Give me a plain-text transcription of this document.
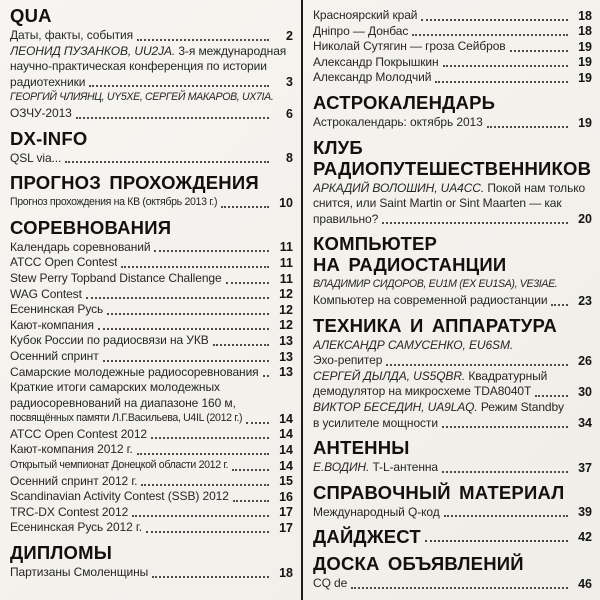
QUA
Даты, факты, события	2
ЛЕОНИД ПУЗАНКОВ, UU2JA. 3-я международная
научно-практическая конференция по истории
радиотехники	3
ГЕОРГИЙ ЧЛИЯНЦ, UY5XE, СЕРГЕЙ МАКАРОВ, UX7IA.
ОЗЧУ-2013	6
DX-INFO
QSL via...	8
ПРОГНОЗ ПРОХОЖДЕНИЯ
Прогноз прохождения на КВ (октябрь 2013 г.)	10
СОРЕВНОВАНИЯ
Календарь соревнований	11
ATCC Open Contest	11
Stew Perry Topband Distance Challenge	11
WAG Contest	12
Есенинская Русь	12
Кают-компания	12
Кубок России по радиосвязи на УКВ	13
Осенний спринт	13
Самарские молодежные радиосоревнования	13
Краткие итоги самарских молодежных
радиосоревнований на диапазоне 160 м,
посвящённых памяти Л.Г.Васильева, U4IL (2012 г.)	14
ATCC Open Contest 2012	14
Кают-компания 2012 г.	14
Открытый чемпионат Донецкой области 2012 г.	14
Осенний спринт 2012 г.	15
Scandinavian Activity Contest (SSB) 2012	16
TRC-DX Contest 2012	17
Есенинская Русь 2012 г.	17
ДИПЛОМЫ
Партизаны Смоленщины	18
Красноярский край	18
Дніпро — Донбас	18
Николай Сутягин — гроза Сейбров	19
Александр Покрышкин	19
Александр Молодчий	19
АСТРОКАЛЕНДАРЬ
Астрокалендарь: октябрь 2013	19
КЛУБ
РАДИОПУТЕШЕСТВЕННИКОВ
АРКАДИЙ ВОЛОШИН, UA4CC. Покой нам только
снится, или Saint Martin or Sint Maarten — как
правильно?	20
КОМПЬЮТЕР
НА РАДИОСТАНЦИИ
ВЛАДИМИР СИДОРОВ, EU1M (EX EU1SA), VE3IAE.
Компьютер на современной радиостанции	23
ТЕХНИКА И АППАРАТУРА
АЛЕКСАНДР САМУСЕНКО, EU6SM.
Эхо-репитер	26
СЕРГЕЙ ДЫЛДА, US5QBR. Квадратурный
демодулятор на микросхеме TDA8040T	30
ВИКТОР БЕСЕДИН, UA9LAQ. Режим Standby
в усилителе мощности	34
АНТЕННЫ
Е.ВОДИН. T-L-антенна	37
СПРАВОЧНЫЙ МАТЕРИАЛ
Международный Q-код	39
ДАЙДЖЕСТ	42
ДОСКА ОБЪЯВЛЕНИЙ
CQ de	46
